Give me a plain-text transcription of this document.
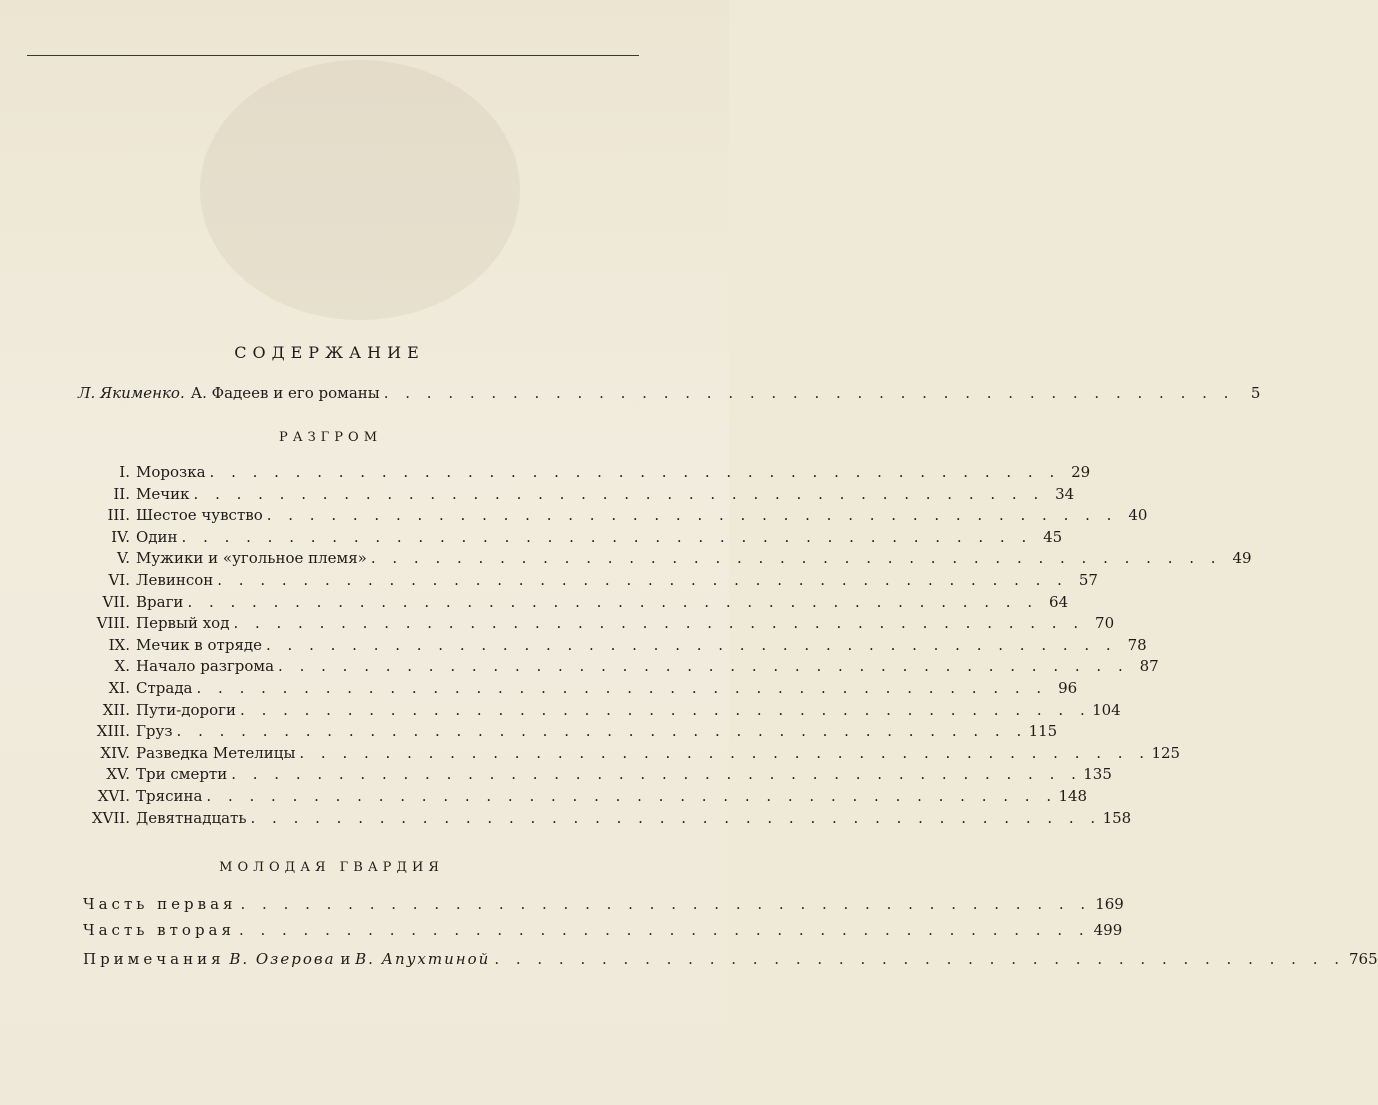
СОДЕРЖАНИЕ
Л. Якименко. А. Фадеев и его романы . . . . . . . . . . . . . . . . . . . . . . . . . . . . . . . . . . . . . . . .	5
РАЗГРОМ
I. Морозка . . . . . . . . . . . . . . . . . . . . . . . . . . . . . . . . . . . . . . . . 29
II. Мечик . . . . . . . . . . . . . . . . . . . . . . . . . . . . . . . . . . . . . . . . 34
III. Шестое чувство . . . . . . . . . . . . . . . . . . . . . . . . . . . . . . . . . . . . . . . . 40
IV. Один . . . . . . . . . . . . . . . . . . . . . . . . . . . . . . . . . . . . . . . . 45
V. Мужики и «угольное племя» . . . . . . . . . . . . . . . . . . . . . . . . . . . . . . . . . . . . . . . . 49
VI. Левинсон . . . . . . . . . . . . . . . . . . . . . . . . . . . . . . . . . . . . . . . . 57
VII. Враги . . . . . . . . . . . . . . . . . . . . . . . . . . . . . . . . . . . . . . . . 64
VIII. Первый ход . . . . . . . . . . . . . . . . . . . . . . . . . . . . . . . . . . . . . . . . 70
IX. Мечик в отряде . . . . . . . . . . . . . . . . . . . . . . . . . . . . . . . . . . . . . . . . 78
X. Начало разгрома . . . . . . . . . . . . . . . . . . . . . . . . . . . . . . . . . . . . . . . . 87
XI. Страда . . . . . . . . . . . . . . . . . . . . . . . . . . . . . . . . . . . . . . . . 96
XII. Пути-дороги . . . . . . . . . . . . . . . . . . . . . . . . . . . . . . . . . . . . . . . . 104
XIII. Груз . . . . . . . . . . . . . . . . . . . . . . . . . . . . . . . . . . . . . . . . 115
XIV. Разведка Метелицы . . . . . . . . . . . . . . . . . . . . . . . . . . . . . . . . . . . . . . . . 125
XV. Три смерти . . . . . . . . . . . . . . . . . . . . . . . . . . . . . . . . . . . . . . . . 135
XVI. Трясина . . . . . . . . . . . . . . . . . . . . . . . . . . . . . . . . . . . . . . . . 148
XVII. Девятнадцать . . . . . . . . . . . . . . . . . . . . . . . . . . . . . . . . . . . . . . . . 158
МОЛОДАЯ ГВАРДИЯ
Часть первая . . . . . . . . . . . . . . . . . . . . . . . . . . . . . . . . . . . . . . . . 169
Часть вторая . . . . . . . . . . . . . . . . . . . . . . . . . . . . . . . . . . . . . . . . 499
Примечания В. Озерова и В. Апухтиной . . . . . . . . . . . . . . . . . . . . . . . . . . . . . . . . . . . . . . . . 765
